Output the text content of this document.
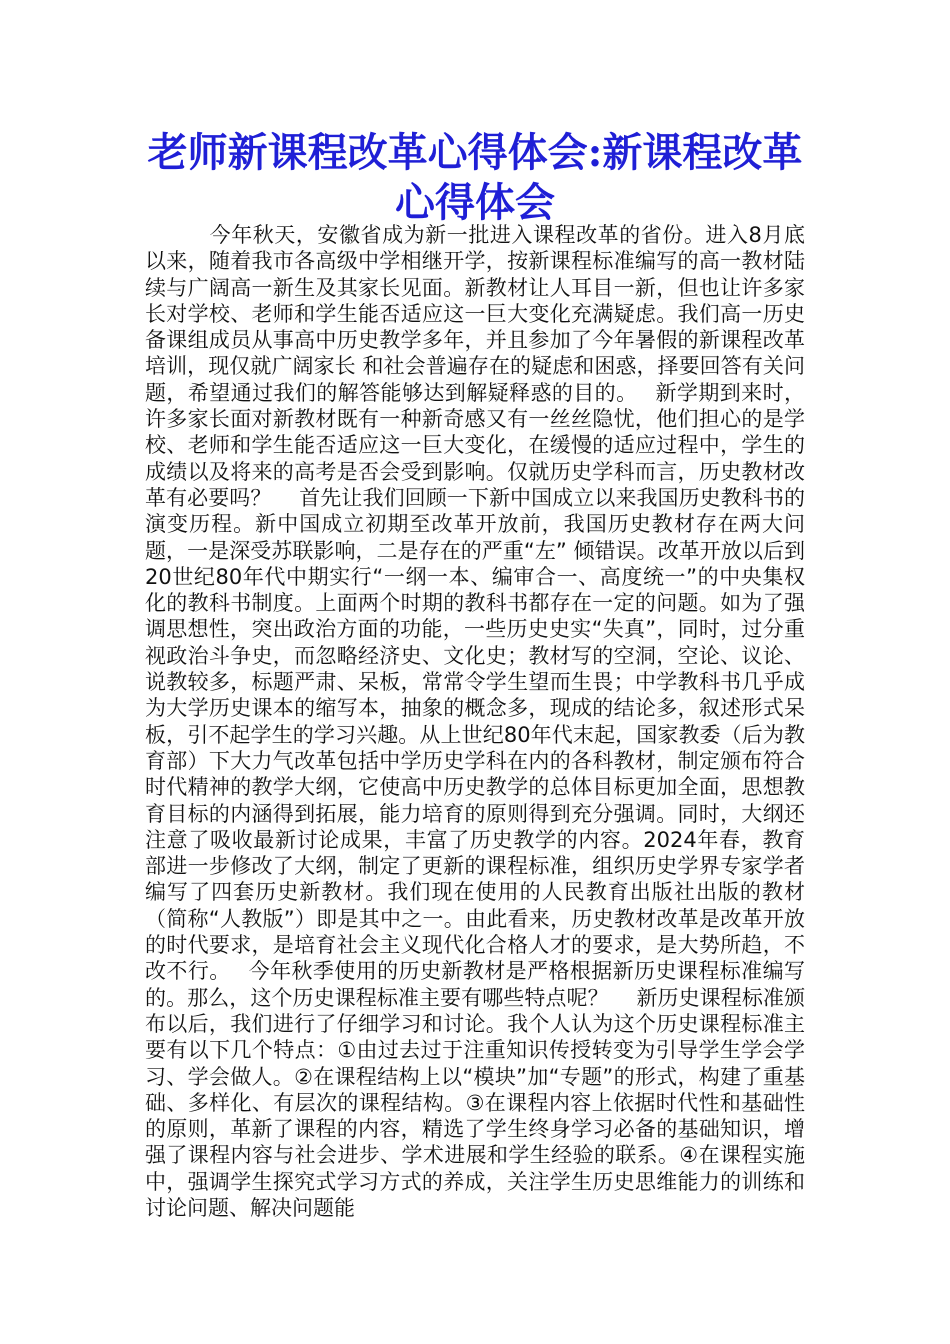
老师新课程改革心得体会:新课程改革心得体会

　　　今年秋天，安徽省成为新一批进入课程改革的省份。进入8月底以来，随着我市各高级中学相继开学，按新课程标准编写的高一教材陆续与广阔高一新生及其家长见面。新教材让人耳目一新，但也让许多家长对学校、老师和学生能否适应这一巨大变化充满疑虑。我们高一历史备课组成员从事高中历史教学多年，并且参加了今年暑假的新课程改革培训，现仅就广阔家长 和社会普遍存在的疑虑和困惑，择要回答有关问题，希望通过我们的解答能够达到解疑释惑的目的。　 新学期到来时，许多家长面对新教材既有一种新奇感又有一丝丝隐忧，他们担心的是学校、老师和学生能否适应这一巨大变化，在缓慢的适应过程中，学生的成绩以及将来的高考是否会受到影响。仅就历史学科而言，历史教材改革有必要吗？　 首先让我们回顾一下新中国成立以来我国历史教科书的演变历程。新中国成立初期至改革开放前，我国历史教材存在两大问题，一是深受苏联影响，二是存在的严重“左” 倾错误。改革开放以后到20世纪80年代中期实行“一纲一本、编审合一、高度统一”的中央集权化的教科书制度。上面两个时期的教科书都存在一定的问题。如为了强调思想性，突出政治方面的功能，一些历史史实“失真”，同时，过分重视政治斗争史，而忽略经济史、文化史；教材写的空洞，空论、议论、说教较多，标题严肃、呆板，常常令学生望而生畏；中学教科书几乎成为大学历史课本的缩写本，抽象的概念多，现成的结论多，叙述形式呆板，引不起学生的学习兴趣。从上世纪80年代末起，国家教委（后为教育部）下大力气改革包括中学历史学科在内的各科教材，制定颁布符合时代精神的教学大纲，它使高中历史教学的总体目标更加全面，思想教育目标的内涵得到拓展，能力培育的原则得到充分强调。同时，大纲还注意了吸收最新讨论成果，丰富了历史教学的内容。2024年春，教育部进一步修改了大纲，制定了更新的课程标准，组织历史学界专家学者编写了四套历史新教材。我们现在使用的人民教育出版社出版的教材（简称“人教版”）即是其中之一。由此看来，历史教材改革是改革开放的时代要求，是培育社会主义现代化合格人才的要求，是大势所趋，不改不行。　 今年秋季使用的历史新教材是严格根据新历史课程标准编写的。那么，这个历史课程标准主要有哪些特点呢？　 新历史课程标准颁布以后，我们进行了仔细学习和讨论。我个人认为这个历史课程标准主要有以下几个特点：①由过去过于注重知识传授转变为引导学生学会学习、学会做人。②在课程结构上以“模块”加“专题”的形式，构建了重基础、多样化、有层次的课程结构。③在课程内容上依据时代性和基础性的原则，革新了课程的内容，精选了学生终身学习必备的基础知识，增强了课程内容与社会进步、学术进展和学生经验的联系。④在课程实施中，强调学生探究式学习方式的养成，关注学生历史思维能力的训练和讨论问题、解决问题能
